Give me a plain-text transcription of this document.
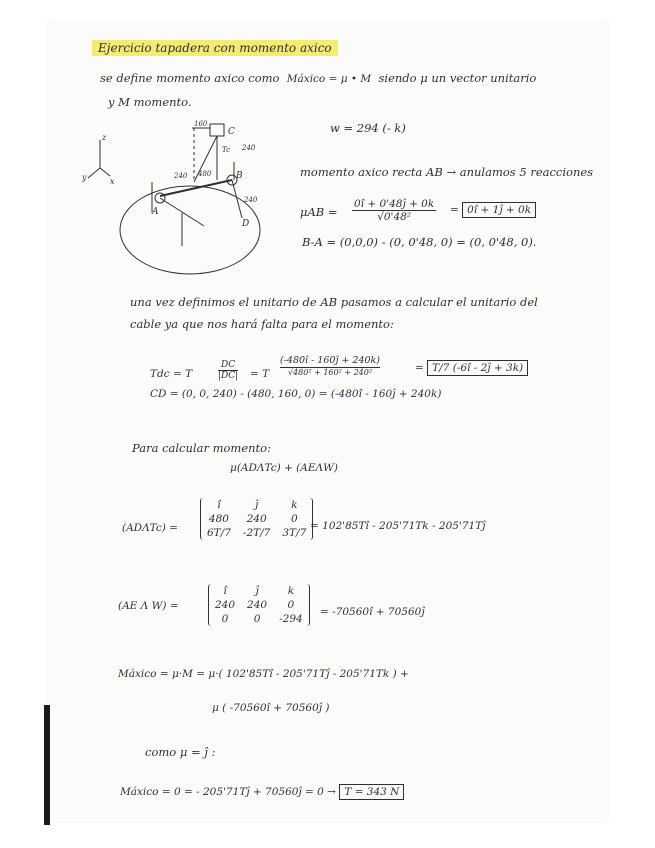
Ejercicio tapadera con momento axico
se define momento axico como Máxico = μ • M siendo μ un vector unitario
y M momento.
z
y	x
C
A
B
D
160
240
240 480
240
Tc
w = 294 (- k)
momento axico recta AB → anulamos 5 reacciones
$\mu AB = \frac{0î + 0'48ĵ + 0k}{\text{√0'48²}}$ = 0î + 1ĵ + 0k
B-A = (0,0,0) - (0, 0'48, 0) = (0, 0'48, 0).
una vez definimos el unitario de AB pasamos a calcular el unitario del
cable ya que nos hará falta para el momento:
Tdc = T	$\frac{DC}{|DC|} = T$
(-480î - 160ĵ + 240k)
√480² + 160² + 240²	= T/7 (-6î - 2ĵ + 3k)
CD = (0, 0, 240) - (480, 160, 0) = (-480î - 160ĵ + 240k)
Para calcular momento:
μ(ADΛTc) + (AEΛW)
(ADΛTc) =
î	ĵ	k
480	240	0
6T/7	-2T/7	3T/7
= 102'85Tî - 205'71Tk - 205'71Tĵ
(AE Λ W) =
î	ĵ	k
240	240	0
0	0	-294
= -70560î + 70560ĵ
Máxico = μ·M = μ·( 102'85Tî - 205'71Tĵ - 205'71Tk ) +
μ ( -70560î + 70560ĵ )
como μ = ĵ :
Máxico = 0 = - 205'71Tĵ + 70560ĵ = 0 → T = 343 N
